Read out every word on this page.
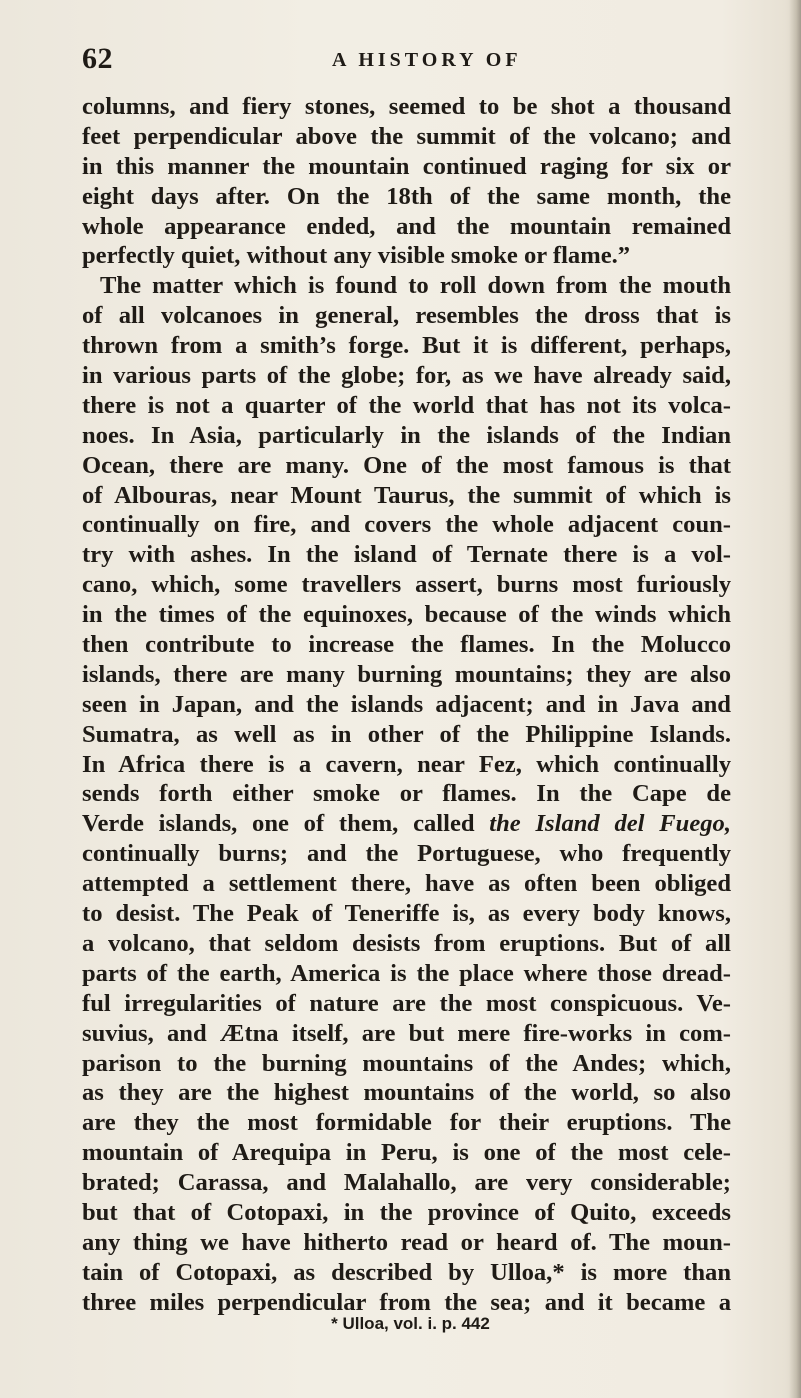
62	A HISTORY OF
columns, and fiery stones, seemed to be shot a thousand
feet perpendicular above the summit of the volcano; and
in this manner the mountain continued raging for six or
eight days after. On the 18th of the same month, the
whole appearance ended, and the mountain remained
perfectly quiet, without any visible smoke or flame.”
The matter which is found to roll down from the mouth
of all volcanoes in general, resembles the dross that is
thrown from a smith’s forge. But it is different, perhaps,
in various parts of the globe; for, as we have already said,
there is not a quarter of the world that has not its volca-
noes. In Asia, particularly in the islands of the Indian
Ocean, there are many. One of the most famous is that
of Albouras, near Mount Taurus, the summit of which is
continually on fire, and covers the whole adjacent coun-
try with ashes. In the island of Ternate there is a vol-
cano, which, some travellers assert, burns most furiously
in the times of the equinoxes, because of the winds which
then contribute to increase the flames. In the Molucco
islands, there are many burning mountains; they are also
seen in Japan, and the islands adjacent; and in Java and
Sumatra, as well as in other of the Philippine Islands.
In Africa there is a cavern, near Fez, which continually
sends forth either smoke or flames. In the Cape de
Verde islands, one of them, called the Island del Fuego,
continually burns; and the Portuguese, who frequently
attempted a settlement there, have as often been obliged
to desist. The Peak of Teneriffe is, as every body knows,
a volcano, that seldom desists from eruptions. But of all
parts of the earth, America is the place where those dread-
ful irregularities of nature are the most conspicuous. Ve-
suvius, and Ætna itself, are but mere fire-works in com-
parison to the burning mountains of the Andes; which,
as they are the highest mountains of the world, so also
are they the most formidable for their eruptions. The
mountain of Arequipa in Peru, is one of the most cele-
brated; Carassa, and Malahallo, are very considerable;
but that of Cotopaxi, in the province of Quito, exceeds
any thing we have hitherto read or heard of. The moun-
tain of Cotopaxi, as described by Ulloa,* is more than
three miles perpendicular from the sea; and it became a
* Ulloa, vol. i. p. 442
